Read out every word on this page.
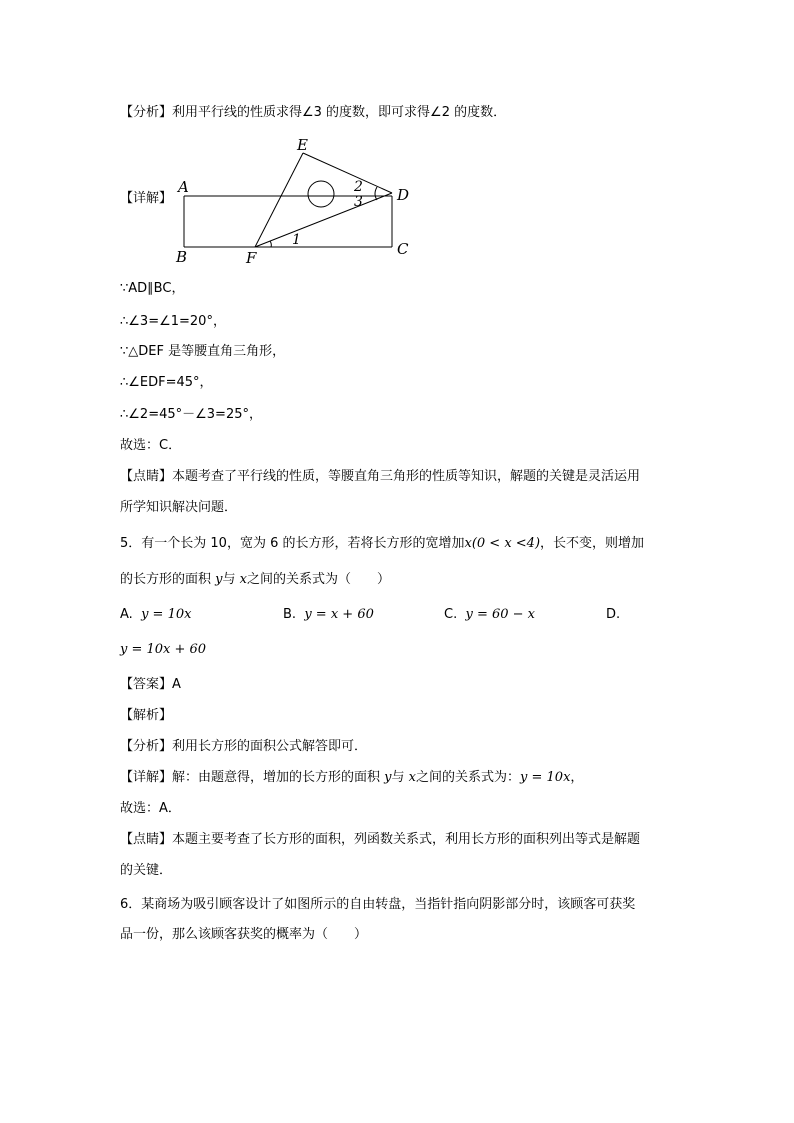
【分析】利用平行线的性质求得∠3 的度数，即可求得∠2 的度数．
【详解】
E
A	D
B	F	C
2
3
1
∵AD∥BC，
∴∠3=∠1=20°，
∵△DEF 是等腰直角三角形，
∴∠EDF=45°，
∴∠2=45°－∠3=25°，
故选：C．
【点睛】本题考查了平行线的性质，等腰直角三角形的性质等知识，解题的关键是灵活运用
所学知识解决问题．
5．有一个长为 10，宽为 6 的长方形，若将长方形的宽增加x(0 < x <4)，长不变，则增加
的长方形的面积 y与 x之间的关系式为（　　）
A. y = 10x	B. y = x + 60	C. y = 60 − x	D.
y = 10x + 60
【答案】A
【解析】
【分析】利用长方形的面积公式解答即可．
【详解】解：由题意得，增加的长方形的面积 y与 x之间的关系式为：y = 10x，
故选：A．
【点睛】本题主要考查了长方形的面积，列函数关系式，利用长方形的面积列出等式是解题
的关键．
6．某商场为吸引顾客设计了如图所示的自由转盘，当指针指向阴影部分时，该顾客可获奖
品一份，那么该顾客获奖的概率为（　　）
